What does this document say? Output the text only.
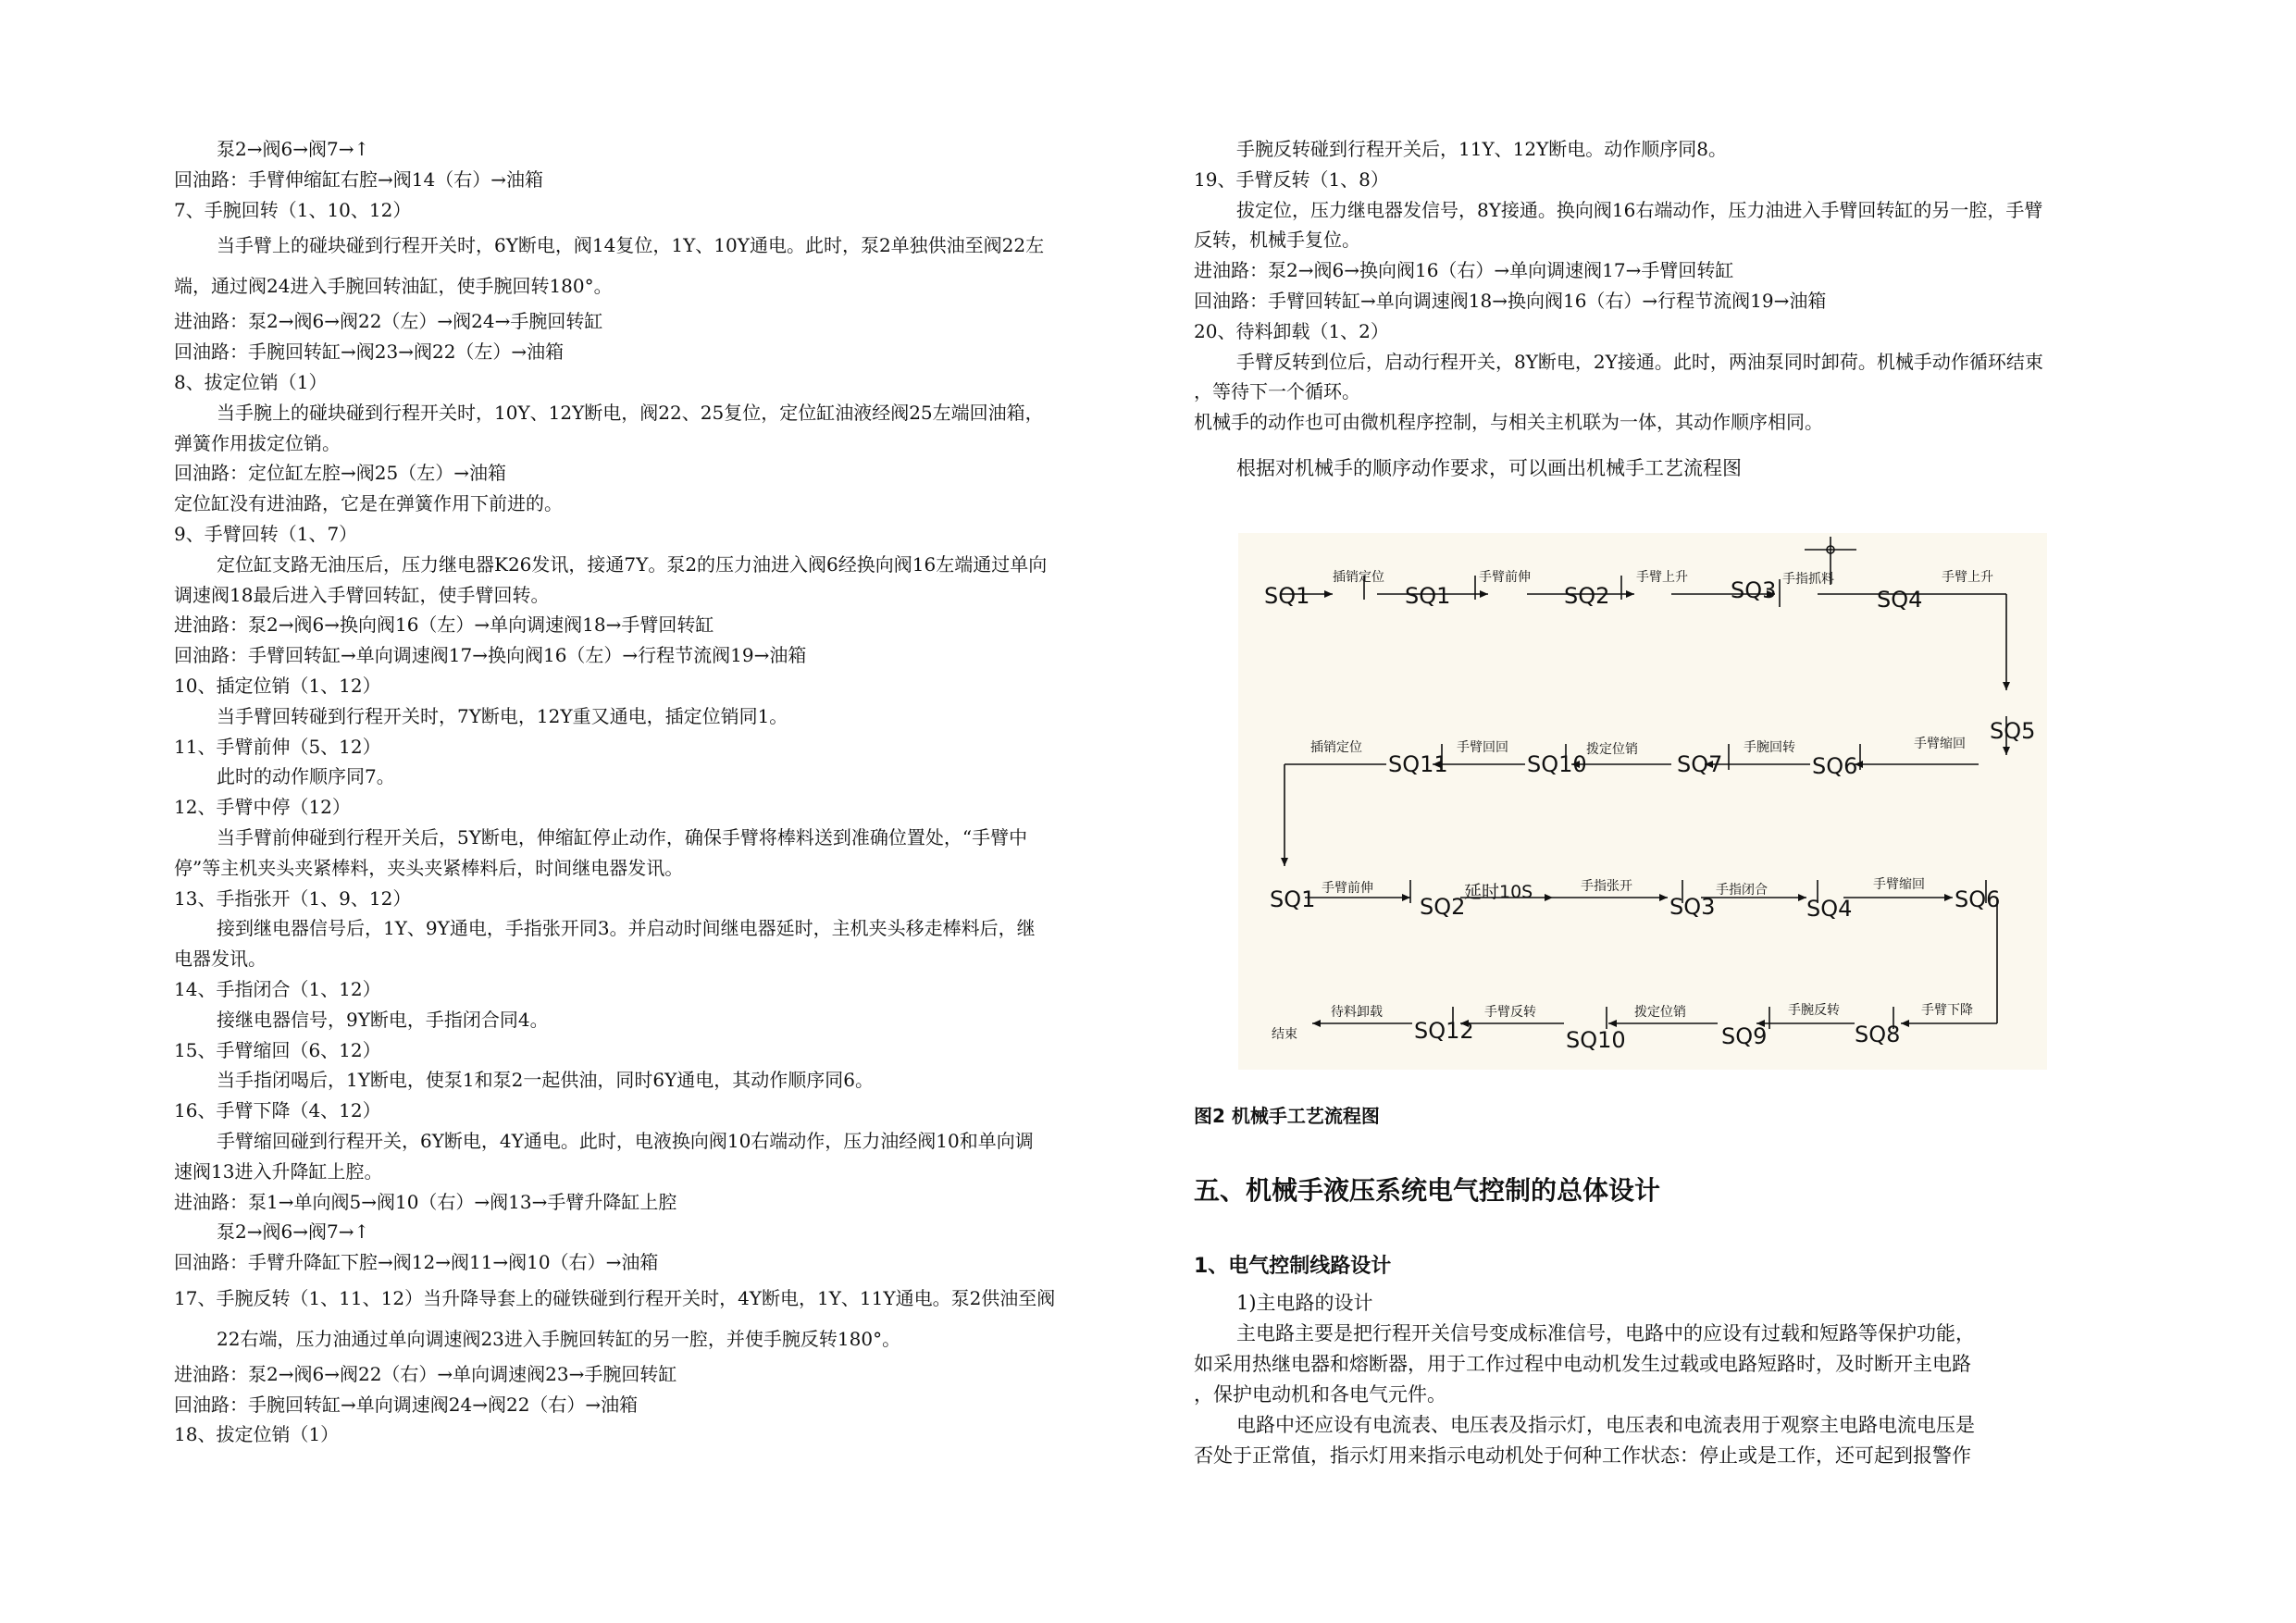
泵2→阀6→阀7→↑
回油路：手臂伸缩缸右腔→阀14（右）→油箱
7、手腕回转（1、10、12）
当手臂上的碰块碰到行程开关时，6Y断电，阀14复位，1Y、10Y通电。此时，泵2单独供油至阀22左
端，通过阀24进入手腕回转油缸，使手腕回转180°。
进油路：泵2→阀6→阀22（左）→阀24→手腕回转缸
回油路：手腕回转缸→阀23→阀22（左）→油箱
8、拔定位销（1）
当手腕上的碰块碰到行程开关时，10Y、12Y断电，阀22、25复位，定位缸油液经阀25左端回油箱，
弹簧作用拔定位销。
回油路：定位缸左腔→阀25（左）→油箱
定位缸没有进油路，它是在弹簧作用下前进的。
9、手臂回转（1、7）
定位缸支路无油压后，压力继电器K26发讯，接通7Y。泵2的压力油进入阀6经换向阀16左端通过单向
调速阀18最后进入手臂回转缸，使手臂回转。
进油路：泵2→阀6→换向阀16（左）→单向调速阀18→手臂回转缸
回油路：手臂回转缸→单向调速阀17→换向阀16（左）→行程节流阀19→油箱
10、插定位销（1、12）
当手臂回转碰到行程开关时，7Y断电，12Y重又通电，插定位销同1。
11、手臂前伸（5、12）
此时的动作顺序同7。
12、手臂中停（12）
当手臂前伸碰到行程开关后，5Y断电，伸缩缸停止动作，确保手臂将棒料送到准确位置处，“手臂中
停”等主机夹头夹紧棒料，夹头夹紧棒料后，时间继电器发讯。
13、手指张开（1、9、12）
接到继电器信号后，1Y、9Y通电，手指张开同3。并启动时间继电器延时，主机夹头移走棒料后，继
电器发讯。
14、手指闭合（1、12）
接继电器信号，9Y断电，手指闭合同4。
15、手臂缩回（6、12）
当手指闭喝后，1Y断电，使泵1和泵2一起供油，同时6Y通电，其动作顺序同6。
16、手臂下降（4、12）
手臂缩回碰到行程开关，6Y断电，4Y通电。此时，电液换向阀10右端动作，压力油经阀10和单向调
速阀13进入升降缸上腔。
进油路：泵1→单向阀5→阀10（右）→阀13→手臂升降缸上腔
泵2→阀6→阀7→↑
回油路：手臂升降缸下腔→阀12→阀11→阀10（右）→油箱
17、手腕反转（1、11、12）当升降导套上的碰铁碰到行程开关时，4Y断电，1Y、11Y通电。泵2供油至阀
22右端，压力油通过单向调速阀23进入手腕回转缸的另一腔，并使手腕反转180°。
进油路：泵2→阀6→阀22（右）→单向调速阀23→手腕回转缸
回油路：手腕回转缸→单向调速阀24→阀22（右）→油箱
18、拔定位销（1）
手腕反转碰到行程开关后，11Y、12Y断电。动作顺序同8。
19、手臂反转（1、8）
拔定位，压力继电器发信号，8Y接通。换向阀16右端动作，压力油进入手臂回转缸的另一腔，手臂
反转，机械手复位。
进油路：泵2→阀6→换向阀16（右）→单向调速阀17→手臂回转缸
回油路：手臂回转缸→单向调速阀18→换向阀16（右）→行程节流阀19→油箱
20、待料卸载（1、2）
手臂反转到位后，启动行程开关，8Y断电，2Y接通。此时，两油泵同时卸荷。机械手动作循环结束
，等待下一个循环。
机械手的动作也可由微机程序控制，与相关主机联为一体，其动作顺序相同。
根据对机械手的顺序动作要求，可以画出机械手工艺流程图
SQ1	SQ1	SQ2	SQ3	SQ4
插销定位	手臂前伸	手臂上升	手指抓料	手臂上升
SQ5
SQ6
SQ7
SQ10
SQ11
手臂缩回
手腕回转
拨定位销
手臂回回
插销定位
SQ1	SQ2	SQ3	SQ4	SQ6
手臂前伸	延时10S	手指张开	手指闭合	手臂缩回
SQ8
SQ9
SQ10
SQ12
手臂下降
手腕反转
拨定位销
手臂反转
待料卸载
结束
图2 机械手工艺流程图
五、机械手液压系统电气控制的总体设计
1、电气控制线路设计
1)主电路的设计
主电路主要是把行程开关信号变成标准信号，电路中的应设有过载和短路等保护功能，
如采用热继电器和熔断器，用于工作过程中电动机发生过载或电路短路时，及时断开主电路
，保护电动机和各电气元件。
电路中还应设有电流表、电压表及指示灯，电压表和电流表用于观察主电路电流电压是
否处于正常值，指示灯用来指示电动机处于何种工作状态：停止或是工作，还可起到报警作
